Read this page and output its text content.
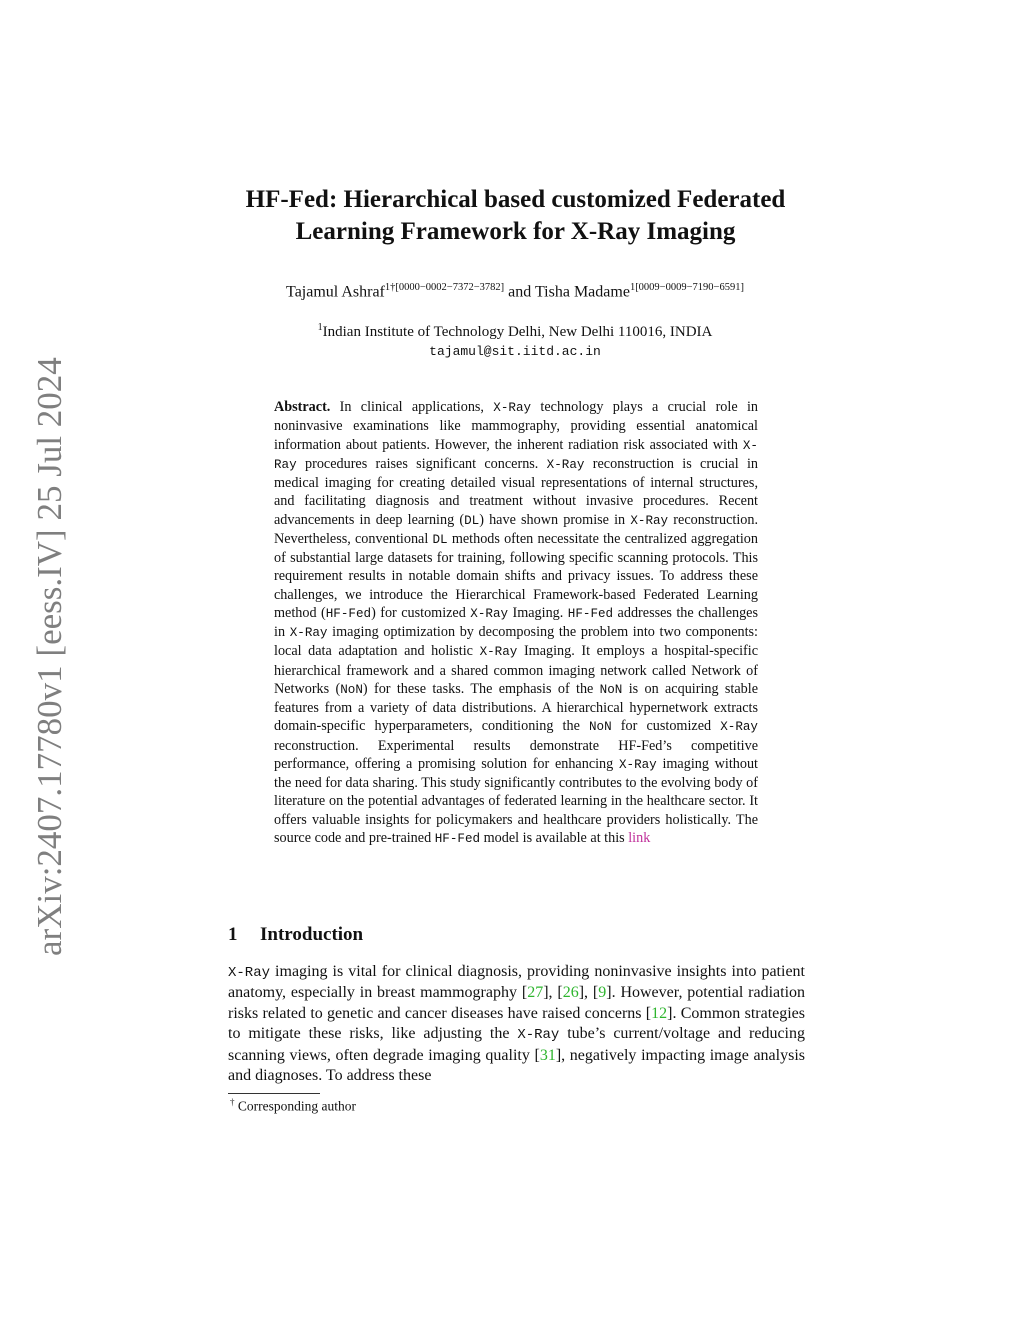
arXiv:2407.17780v1 [eess.IV] 25 Jul 2024
HF-Fed: Hierarchical based customized Federated
Learning Framework for X-Ray Imaging
Tajamul Ashraf$^{1\dagger[0000-0002-7372-3782]}$ and Tisha Madame$^{1[0009-0009-7190-6591]}$
$^1$Indian Institute of Technology Delhi, New Delhi 110016, INDIA
tajamul@sit.iitd.ac.in
Abstract. In clinical applications, X-Ray technology plays a crucial role in noninvasive examinations like mammography, providing essential anatomical information about patients. However, the inherent radiation risk associated with X-Ray procedures raises significant concerns. X-Ray reconstruction is crucial in medical imaging for creating detailed visual representations of internal structures, and facilitating diagnosis and treatment without invasive procedures. Recent advancements in deep learning (DL) have shown promise in X-Ray reconstruction. Nevertheless, conventional DL methods often necessitate the centralized aggregation of substantial large datasets for training, following specific scanning protocols. This requirement results in notable domain shifts and privacy issues. To address these challenges, we introduce the Hierarchical Framework-based Federated Learning method (HF-Fed) for customized X-Ray Imaging. HF-Fed addresses the challenges in X-Ray imaging optimization by decomposing the problem into two components: local data adaptation and holistic X-Ray Imaging. It employs a hospital-specific hierarchical framework and a shared common imaging network called Network of Networks (NoN) for these tasks. The emphasis of the NoN is on acquiring stable features from a variety of data distributions. A hierarchical hypernetwork extracts domain-specific hyperparameters, conditioning the NoN for customized X-Ray reconstruction. Experimental results demonstrate HF-Fed’s competitive performance, offering a promising solution for enhancing X-Ray imaging without the need for data sharing. This study significantly contributes to the evolving body of literature on the potential advantages of federated learning in the healthcare sector. It offers valuable insights for policymakers and healthcare providers holistically. The source code and pre-trained HF-Fed model is available at this link
1 Introduction
X-Ray imaging is vital for clinical diagnosis, providing noninvasive insights into patient anatomy, especially in breast mammography [27], [26], [9]. However, potential radiation risks related to genetic and cancer diseases have raised concerns [12]. Common strategies to mitigate these risks, like adjusting the X-Ray tube’s current/voltage and reducing scanning views, often degrade imaging quality [31], negatively impacting image analysis and diagnoses. To address these
† Corresponding author
